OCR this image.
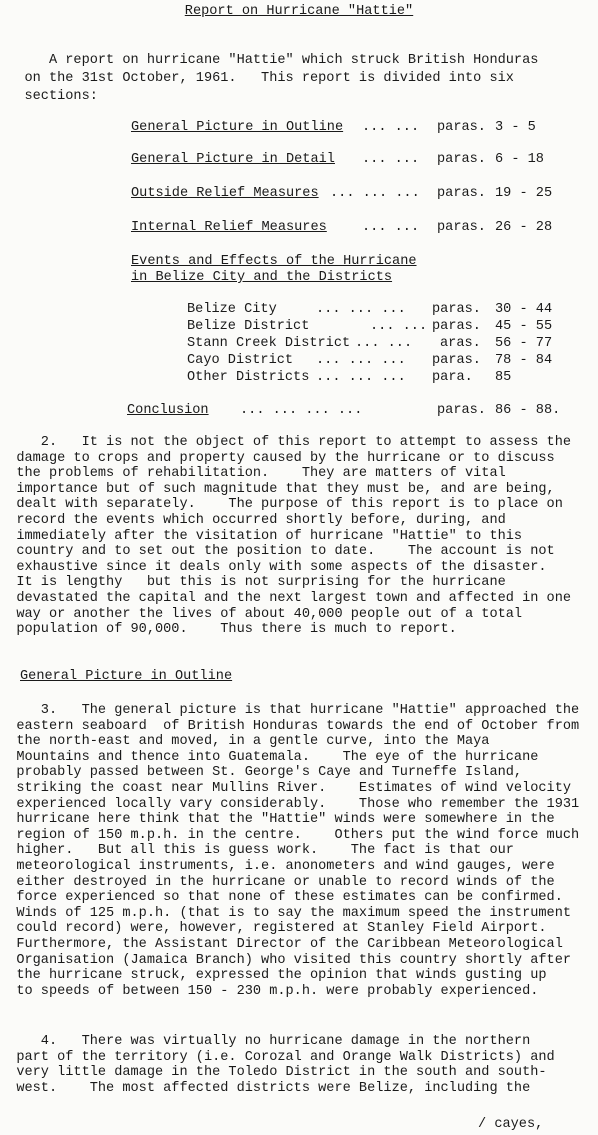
Report on Hurricane "Hattie"
A report on hurricane "Hattie" which struck British Honduras
on the 31st October, 1961.   This report is divided into six
sections:
General Picture in Outline ... ... paras. 3 - 5
General Picture in Detail ... ... paras. 6 - 18
Outside Relief Measures ... ... ... paras. 19 - 25
Internal Relief Measures	... ... paras. 26 - 28
Events and Effects of the Hurricane
in Belize City and the Districts
Belize City	... ... ... paras. 30 - 44
Belize District	... ... paras. 45 - 55
Stann Creek District ... ... aras. 56 - 77
Cayo District ... ... ... paras. 78 - 84
Other Districts ... ... ... para. 85
Conclusion ... ... ... ...	paras. 86 - 88.
2.   It is not the object of this report to attempt to assess the
damage to crops and property caused by the hurricane or to discuss
the problems of rehabilitation.    They are matters of vital
importance but of such magnitude that they must be, and are being,
dealt with separately.    The purpose of this report is to place on
record the events which occurred shortly before, during, and
immediately after the visitation of hurricane "Hattie" to this
country and to set out the position to date.    The account is not
exhaustive since it deals only with some aspects of the disaster.
It is lengthy   but this is not surprising for the hurricane
devastated the capital and the next largest town and affected in one
way or another the lives of about 40,000 people out of a total
population of 90,000.    Thus there is much to report.
General Picture in Outline
3.   The general picture is that hurricane "Hattie" approached the
eastern seaboard  of British Honduras towards the end of October from
the north-east and moved, in a gentle curve, into the Maya
Mountains and thence into Guatemala.    The eye of the hurricane
probably passed between St. George's Caye and Turneffe Island,
striking the coast near Mullins River.    Estimates of wind velocity
experienced locally vary considerably.    Those who remember the 1931
hurricane here think that the "Hattie" winds were somewhere in the
region of 150 m.p.h. in the centre.    Others put the wind force much
higher.   But all this is guess work.    The fact is that our
meteorological instruments, i.e. anonometers and wind gauges, were
either destroyed in the hurricane or unable to record winds of the
force experienced so that none of these estimates can be confirmed.
Winds of 125 m.p.h. (that is to say the maximum speed the instrument
could record) were, however, registered at Stanley Field Airport.
Furthermore, the Assistant Director of the Caribbean Meteorological
Organisation (Jamaica Branch) who visited this country shortly after
the hurricane struck, expressed the opinion that winds gusting up
to speeds of between 150 - 230 m.p.h. were probably experienced.
4.   There was virtually no hurricane damage in the northern
part of the territory (i.e. Corozal and Orange Walk Districts) and
very little damage in the Toledo District in the south and south-
west.    The most affected districts were Belize, including the
/ cayes,
